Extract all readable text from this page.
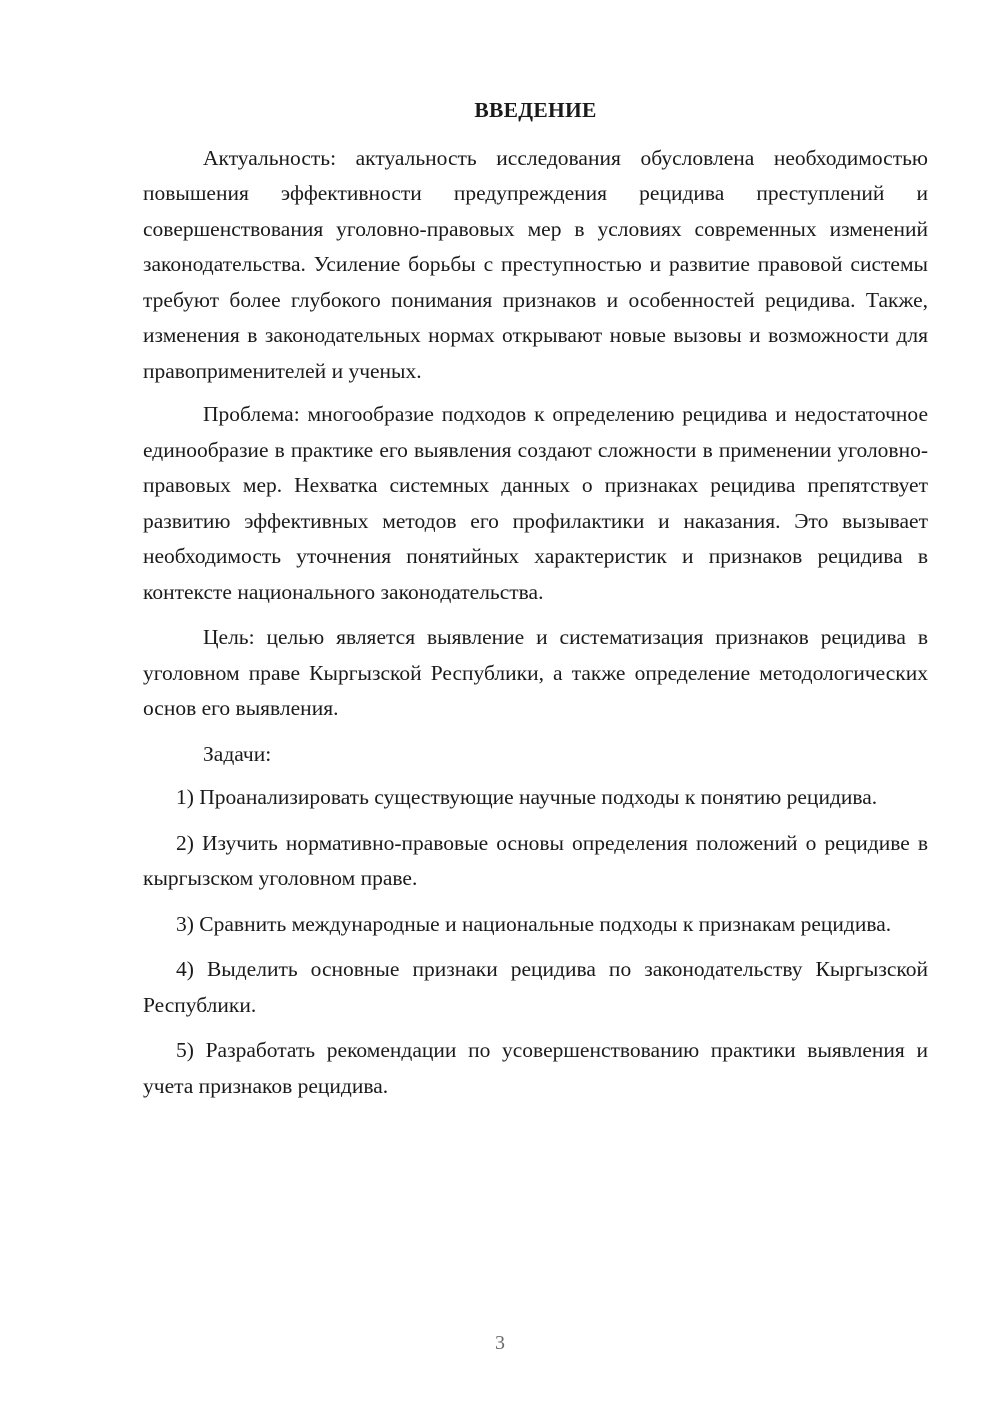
ВВЕДЕНИЕ

Актуальность: актуальность исследования обусловлена необходимостью повышения эффективности предупреждения рецидива преступлений и совершенствования уголовно-правовых мер в условиях современных изменений законодательства. Усиление борьбы с преступностью и развитие правовой системы требуют более глубокого понимания признаков и особенностей рецидива. Также, изменения в законодательных нормах открывают новые вызовы и возможности для правоприменителей и ученых.

Проблема: многообразие подходов к определению рецидива и недостаточное единообразие в практике его выявления создают сложности в применении уголовно-правовых мер. Нехватка системных данных о признаках рецидива препятствует развитию эффективных методов его профилактики и наказания. Это вызывает необходимость уточнения понятийных характеристик и признаков рецидива в контексте национального законодательства.

Цель: целью является выявление и систематизация признаков рецидива в уголовном праве Кыргызской Республики, а также определение методологических основ его выявления.

Задачи:

1) Проанализировать существующие научные подходы к понятию рецидива.

2) Изучить нормативно-правовые основы определения положений о рецидиве в кыргызском уголовном праве.

3) Сравнить международные и национальные подходы к признакам рецидива.

4) Выделить основные признаки рецидива по законодательству Кыргызской Республики.

5) Разработать рекомендации по усовершенствованию практики выявления и учета признаков рецидива.

3
